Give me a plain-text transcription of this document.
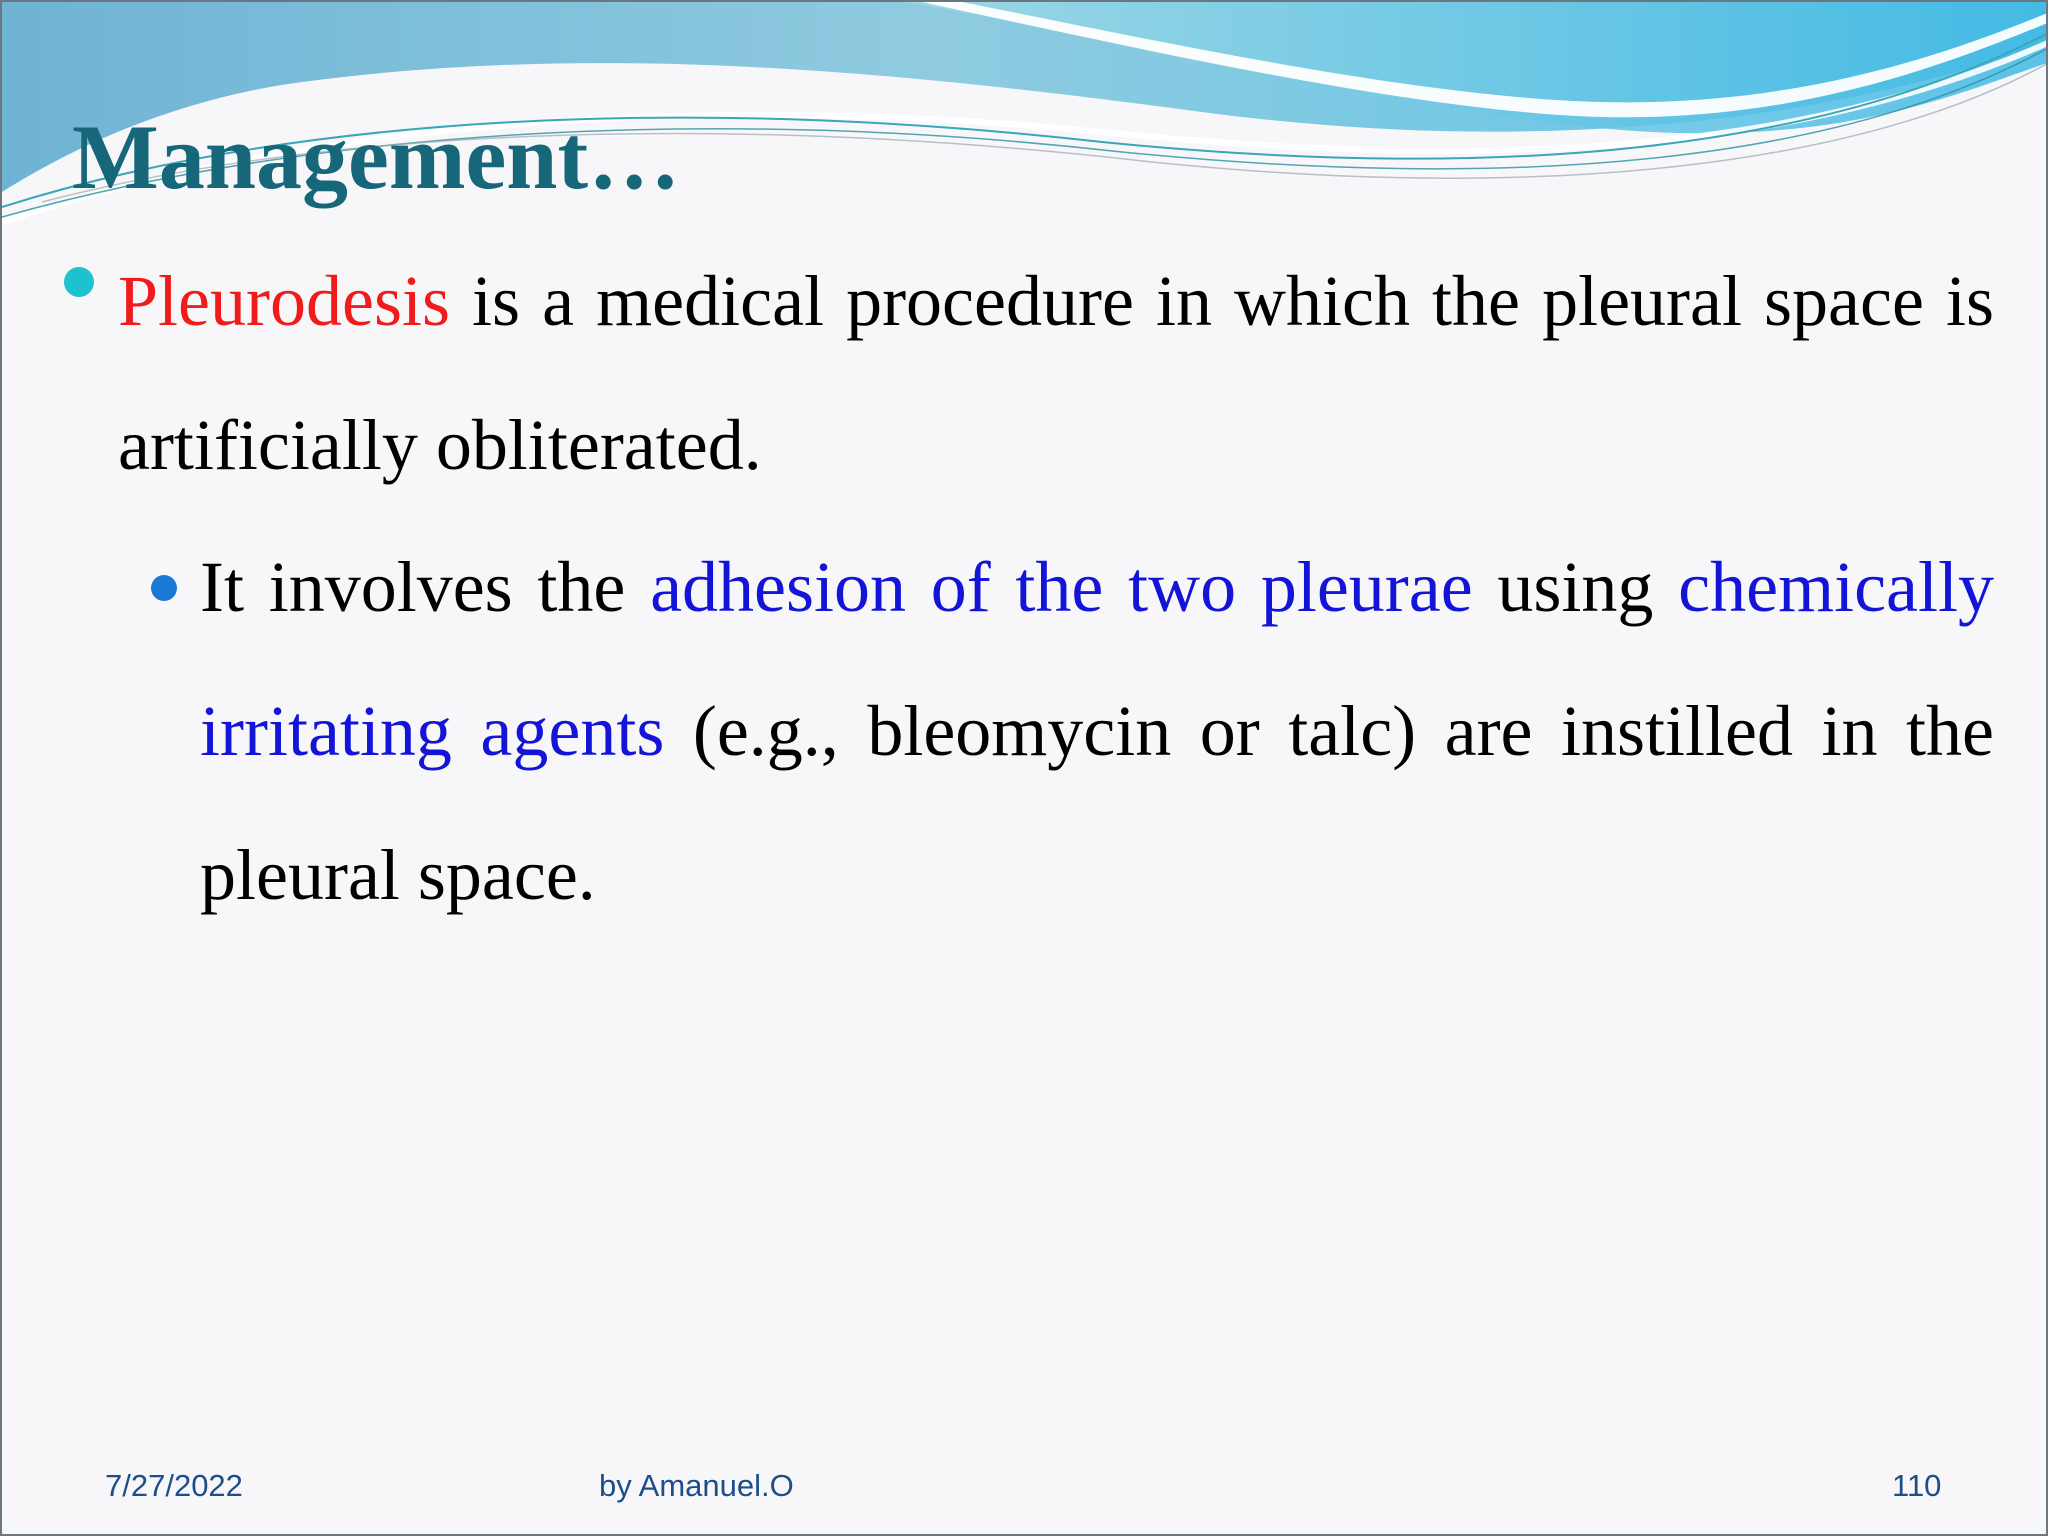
Management…

Pleurodesis is a medical procedure in which the pleural space is artificially obliterated.

It involves the adhesion of the two pleurae using chemically irritating agents (e.g., bleomycin or talc) are instilled in the pleural space.

7/27/2022	by Amanuel.O	110
